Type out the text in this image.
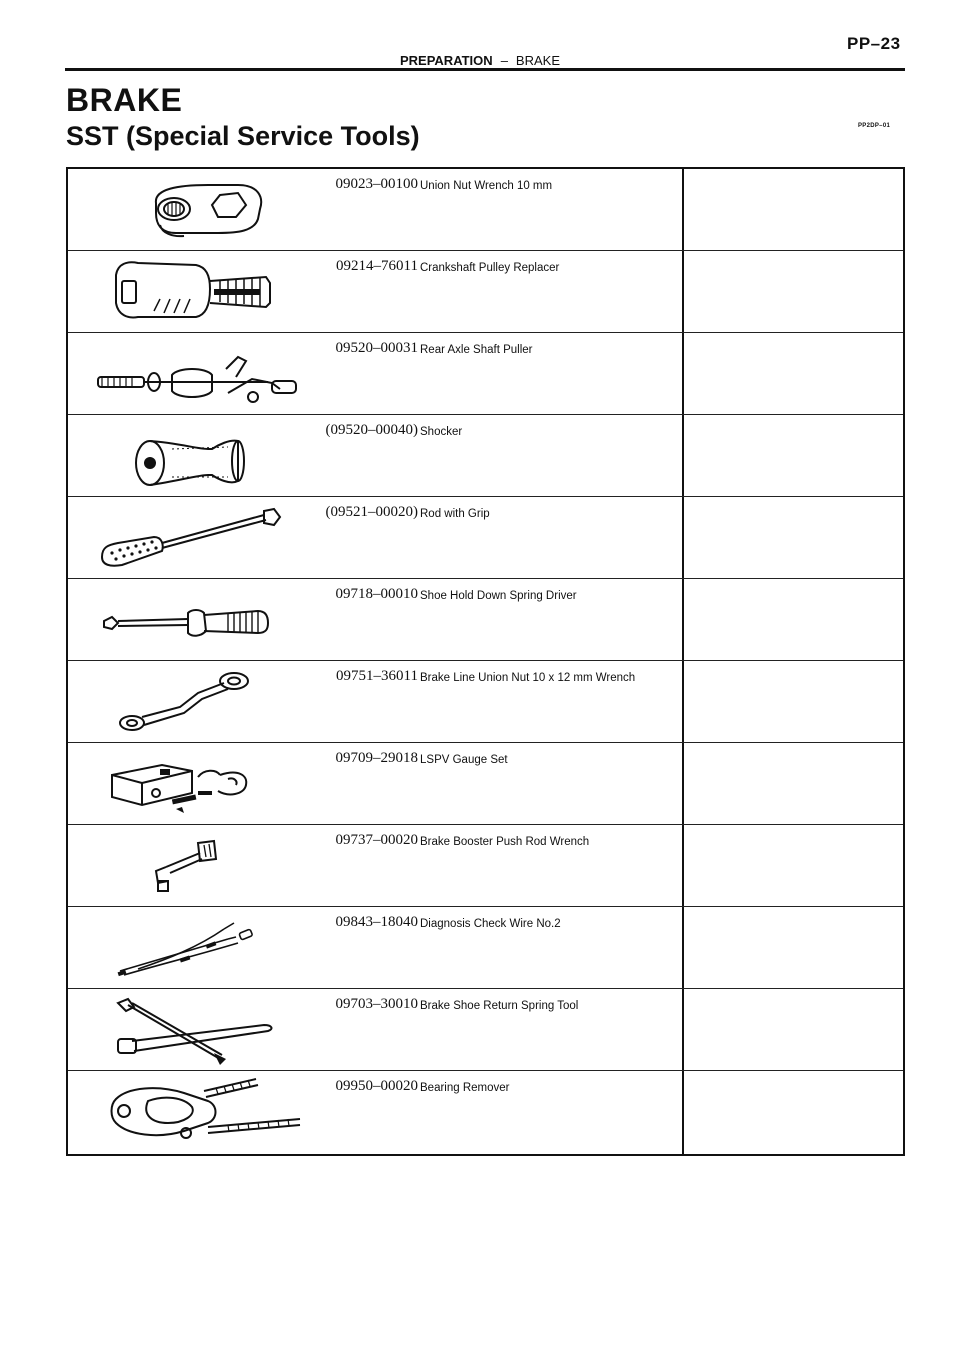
PP–23
PREPARATION – BRAKE
BRAKE
SST (Special Service Tools)	PP2DP–01
09023–00100 Union Nut Wrench 10 mm
09214–76011 Crankshaft Pulley Replacer
09520–00031 Rear Axle Shaft Puller
(09520–00040) Shocker
(09521–00020) Rod with Grip
09718–00010 Shoe Hold Down Spring Driver
09751–36011 Brake Line Union Nut 10 x 12 mm Wrench
09709–29018 LSPV Gauge Set
09737–00020 Brake Booster Push Rod Wrench
09843–18040 Diagnosis Check Wire No.2
09703–30010 Brake Shoe Return Spring Tool
09950–00020 Bearing Remover
